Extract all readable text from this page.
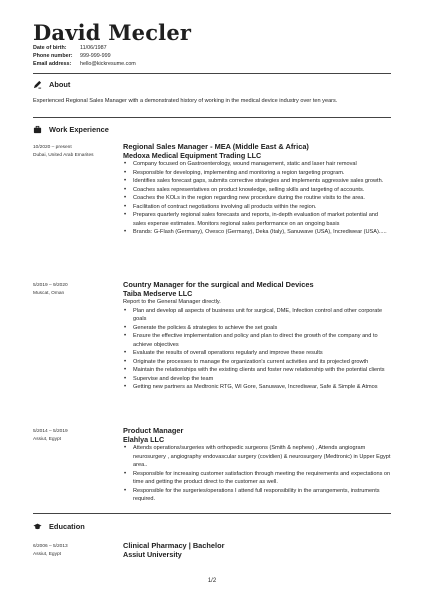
David Mecler
Date of birth: 11/06/1987
Phone number: 999-999-999
Email address: hello@kickresume.com
About
Experienced Regional Sales Manager with a demonstrated history of working in the medical device industry over ten years.
Work Experience
10/2020 – present
Dubai, United Arab Emarites
Regional Sales Manager - MEA (Middle East & Africa)
Medoxa Medical Equipment Trading LLC
• Company focused on Gastroenterology, wound management, static and laser hair removal
• Responsible for developing, implementing and monitoring a region targeting program.
• Identifies sales forecast gaps, submits corrective strategies and implements aggressive sales growth.
• Coaches sales representatives on product knowledge, selling skills and targeting of accounts.
• Coaches the KOLs in the region regarding new procedure during the routine visits to the area.
• Facilitation of contract negotiations involving all products within the region.
• Prepares quarterly regional sales forecasts and reports, in-depth evaluation of market potential and sales expense estimates. Monitors regional sales performance on an ongoing basis
• Brands: G-Flash (Germany), Ovesco (Germany), Deka (Italy), Sanuwave (USA), Incrediwear (USA).....
5/2019 – 9/2020
Muscat, Oman
Country Manager for the surgical and Medical Devices
Taiba Medserve LLC
Report to the General Manager directly.
• Plan and develop all aspects of business unit for surgical, DME, Infection control and other corporate goals
• Generate the policies & strategies to achieve the set goals
• Ensure the effective implementation and policy and plan to direct the growth of the company and to achieve objectives
• Evaluate the results of overall operations regularly and improve these results
• Originate the processes to manage the organization's current activities and its projected growth
• Maintain the relationships with the existing clients and foster new relationship with the potential clients
• Supervise and develop the team
• Getting new partners as Medtronic RTG, WI Gore, Sanuwave, Incrediwear, Safe & Simple & Atmos
5/2014 – 5/2019
Assiut, Egypt
Product Manager
Elahlya LLC
• Attends operations/surgeries with orthopedic surgeons (Smith & nephew) , Attends angiogram neurosurgery , angiography endovascular surgery (covidien) & neurosurgery (Medtronic) in Upper Egypt area..
• Responsible for increasing customer satisfaction through meeting the requirements and expectations on time and getting the product direct to the customer as well.
• Responsible for the surgeries/operations I attend full responsibility in the arrangements, instruments required.
Education
6/2006 – 5/2013
Assiut, Egypt
Clinical Pharmacy | Bachelor
Assiut University
1/2
